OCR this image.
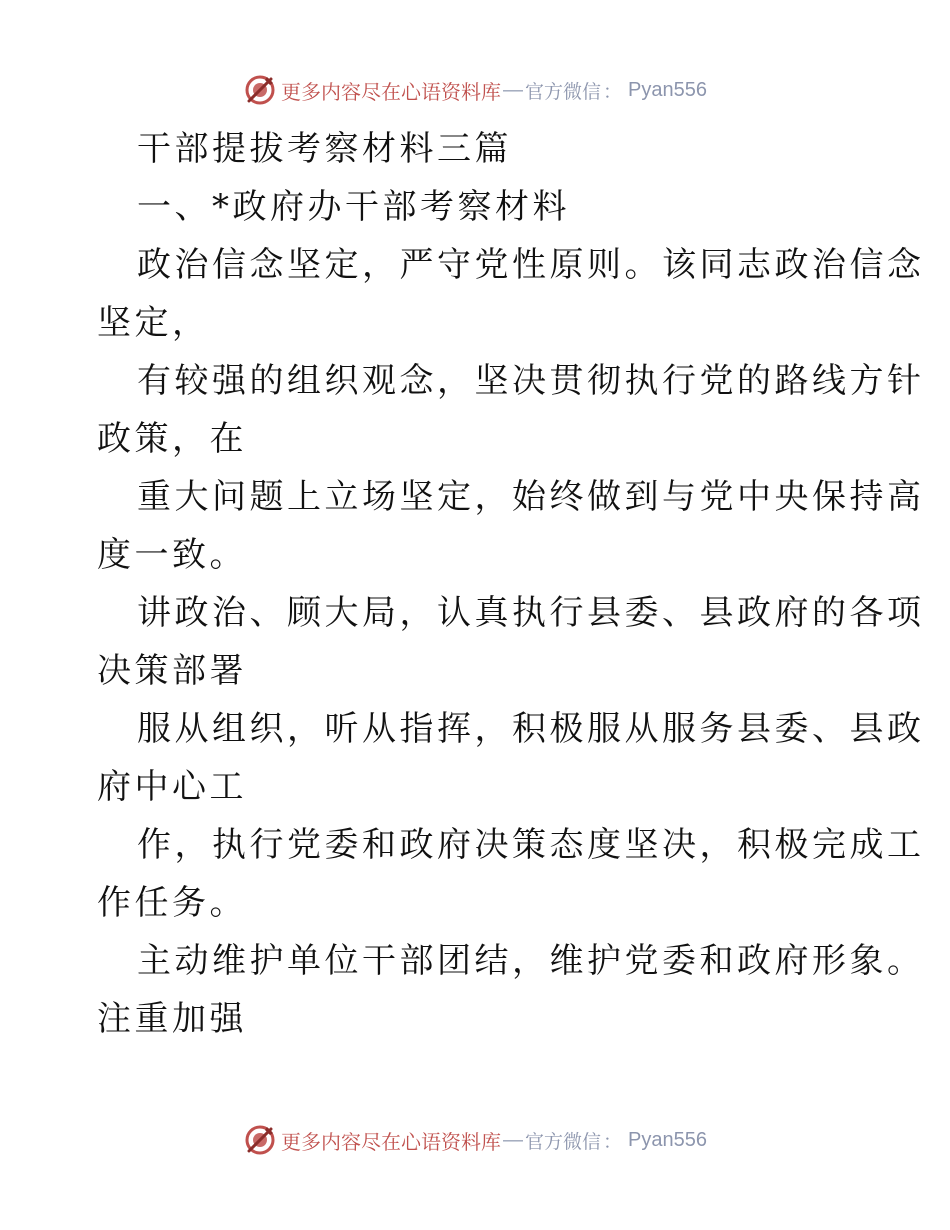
更多内容尽在心语资料库 — 官方微信 ： Pyan556
干部提拔考察材料三篇
一、*政府办干部考察材料
政治信念坚定，严守党性原则。该同志政治信念
坚定，
有较强的组织观念，坚决贯彻执行党的路线方针
政策，在
重大问题上立场坚定，始终做到与党中央保持高
度一致。
讲政治、顾大局，认真执行县委、县政府的各项
决策部署
服从组织，听从指挥，积极服从服务县委、县政
府中心工
作，执行党委和政府决策态度坚决，积极完成工
作任务。
主动维护单位干部团结，维护党委和政府形象。
注重加强
更多内容尽在心语资料库 — 官方微信 ： Pyan556
